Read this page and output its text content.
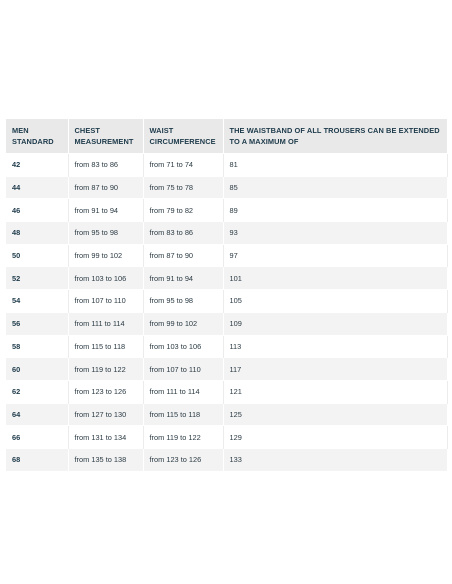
MEN STANDARD	CHEST MEASUREMENT	WAIST CIRCUMFERENCE	THE WAISTBAND OF ALL TROUSERS CAN BE EXTENDED TO A MAXIMUM OF
42	from 83 to 86	from 71 to 74	81
44	from 87 to 90	from 75 to 78	85
46	from 91 to 94	from 79 to 82	89
48	from 95 to 98	from 83 to 86	93
50	from 99 to 102	from 87 to 90	97
52	from 103 to 106	from 91 to 94	101
54	from 107 to 110	from 95 to 98	105
56	from 111 to 114	from 99 to 102	109
58	from 115 to 118	from 103 to 106	113
60	from 119 to 122	from 107 to 110	117
62	from 123 to 126	from 111 to 114	121
64	from 127 to 130	from 115 to 118	125
66	from 131 to 134	from 119 to 122	129
68	from 135 to 138	from 123 to 126	133
